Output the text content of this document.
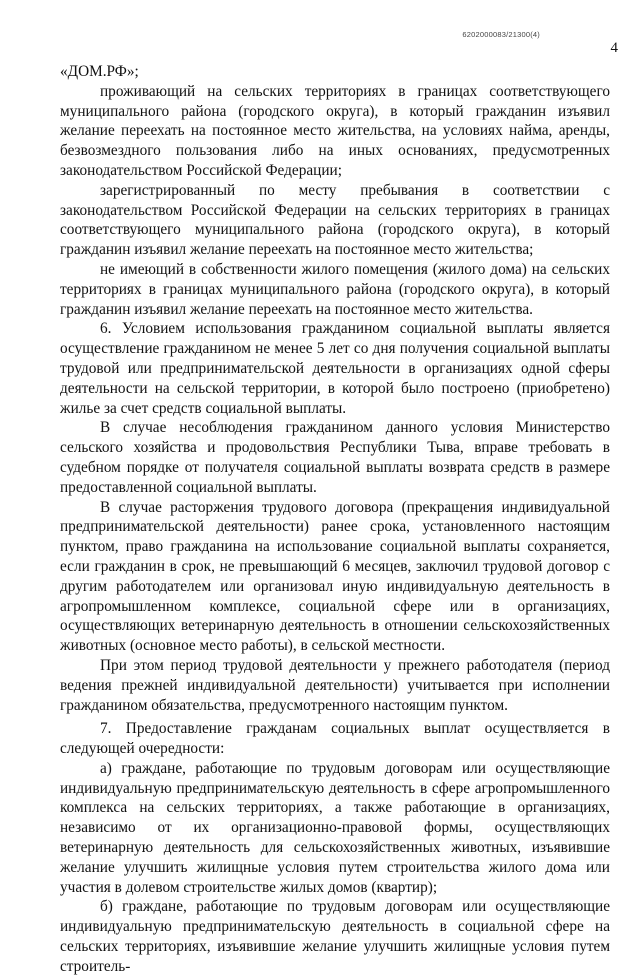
6202000083/21300(4)
4

«ДОМ.РФ»;

проживающий на сельских территориях в границах соответствующего муниципального района (городского округа), в который гражданин изъявил желание переехать на постоянное место жительства, на условиях найма, аренды, безвозмездного пользования либо на иных основаниях, предусмотренных законодательством Российской Федерации;

зарегистрированный по месту пребывания в соответствии с законодательством Российской Федерации на сельских территориях в границах соответствующего муниципального района (городского округа), в который гражданин изъявил желание переехать на постоянное место жительства;

не имеющий в собственности жилого помещения (жилого дома) на сельских территориях в границах муниципального района (городского округа), в который гражданин изъявил желание переехать на постоянное место жительства.

6. Условием использования гражданином социальной выплаты является осуществление гражданином не менее 5 лет со дня получения социальной выплаты трудовой или предпринимательской деятельности в организациях одной сферы деятельности на сельской территории, в которой было построено (приобретено) жилье за счет средств социальной выплаты.

В случае несоблюдения гражданином данного условия Министерство сельского хозяйства и продовольствия Республики Тыва, вправе требовать в судебном порядке от получателя социальной выплаты возврата средств в размере предоставленной социальной выплаты.

В случае расторжения трудового договора (прекращения индивидуальной предпринимательской деятельности) ранее срока, установленного настоящим пунктом, право гражданина на использование социальной выплаты сохраняется, если гражданин в срок, не превышающий 6 месяцев, заключил трудовой договор с другим работодателем или организовал иную индивидуальную деятельность в агропромышленном комплексе, социальной сфере или в организациях, осуществляющих ветеринарную деятельность в отношении сельскохозяйственных животных (основное место работы), в сельской местности.

При этом период трудовой деятельности у прежнего работодателя (период ведения прежней индивидуальной деятельности) учитывается при исполнении гражданином обязательства, предусмотренного настоящим пунктом.

7. Предоставление гражданам социальных выплат осуществляется в следующей очередности:

а) граждане, работающие по трудовым договорам или осуществляющие индивидуальную предпринимательскую деятельность в сфере агропромышленного комплекса на сельских территориях, а также работающие в организациях, независимо от их организационно-правовой формы, осуществляющих ветеринарную деятельность для сельскохозяйственных животных, изъявившие желание улучшить жилищные условия путем строительства жилого дома или участия в долевом строительстве жилых домов (квартир);

б) граждане, работающие по трудовым договорам или осуществляющие индивидуальную предпринимательскую деятельность в социальной сфере на сельских территориях, изъявившие желание улучшить жилищные условия путем строитель-
